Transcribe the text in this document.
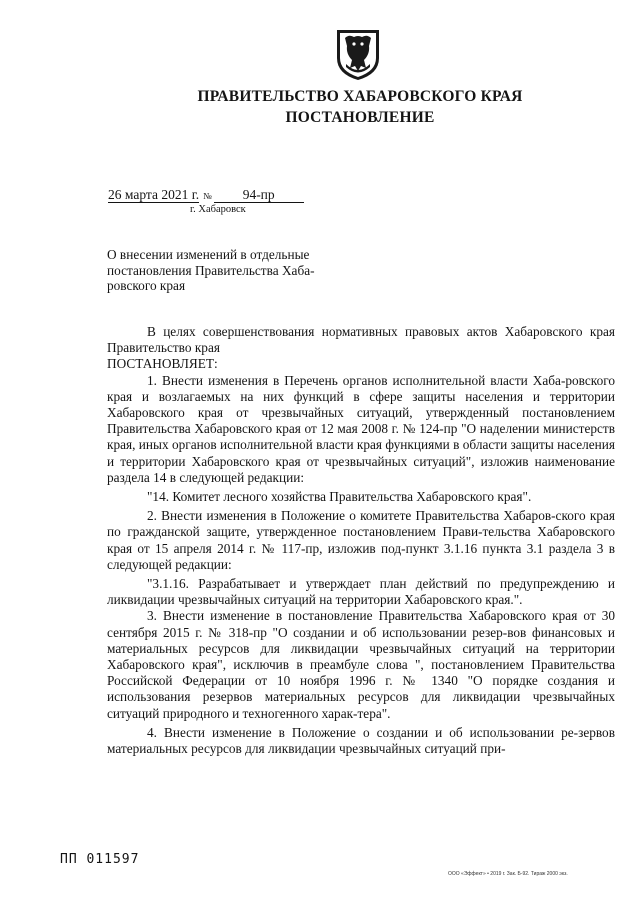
ПРАВИТЕЛЬСТВО ХАБАРОВСКОГО КРАЯ
ПОСТАНОВЛЕНИЕ
26 марта 2021 г. № 94-пр
г. Хабаровск
О внесении изменений в отдельные постановления Правительства Хаба-ровского края

В целях совершенствования нормативных правовых актов Хабаровского края Правительство края

ПОСТАНОВЛЯЕТ:

1. Внести изменения в Перечень органов исполнительной власти Хаба-ровского края и возлагаемых на них функций в сфере защиты населения и территории Хабаровского края от чрезвычайных ситуаций, утвержденный постановлением Правительства Хабаровского края от 12 мая 2008 г. № 124-пр "О наделении министерств края, иных органов исполнительной власти края функциями в области защиты населения и территории Хабаровского края от чрезвычайных ситуаций", изложив наименование раздела 14 в следующей редакции:

"14. Комитет лесного хозяйства Правительства Хабаровского края".

2. Внести изменения в Положение о комитете Правительства Хабаров-ского края по гражданской защите, утвержденное постановлением Прави-тельства Хабаровского края от 15 апреля 2014 г. № 117-пр, изложив под-пункт 3.1.16 пункта 3.1 раздела 3 в следующей редакции:

"3.1.16. Разрабатывает и утверждает план действий по предупреждению и ликвидации чрезвычайных ситуаций на территории Хабаровского края.".

3. Внести изменение в постановление Правительства Хабаровского края от 30 сентября 2015 г. № 318-пр "О создании и об использовании резер-вов финансовых и материальных ресурсов для ликвидации чрезвычайных ситуаций на территории Хабаровского края", исключив в преамбуле слова ", постановлением Правительства Российской Федерации от 10 ноября 1996 г. № 1340 "О порядке создания и использования резервов материальных ресурсов для ликвидации чрезвычайных ситуаций природного и техногенного харак-тера".

4. Внести изменение в Положение о создании и об использовании ре-зервов материальных ресурсов для ликвидации чрезвычайных ситуаций при-

ПП 011597
ООО «Эффект» • 2019 г. Зак. Б-92. Тираж 2000 экз.
